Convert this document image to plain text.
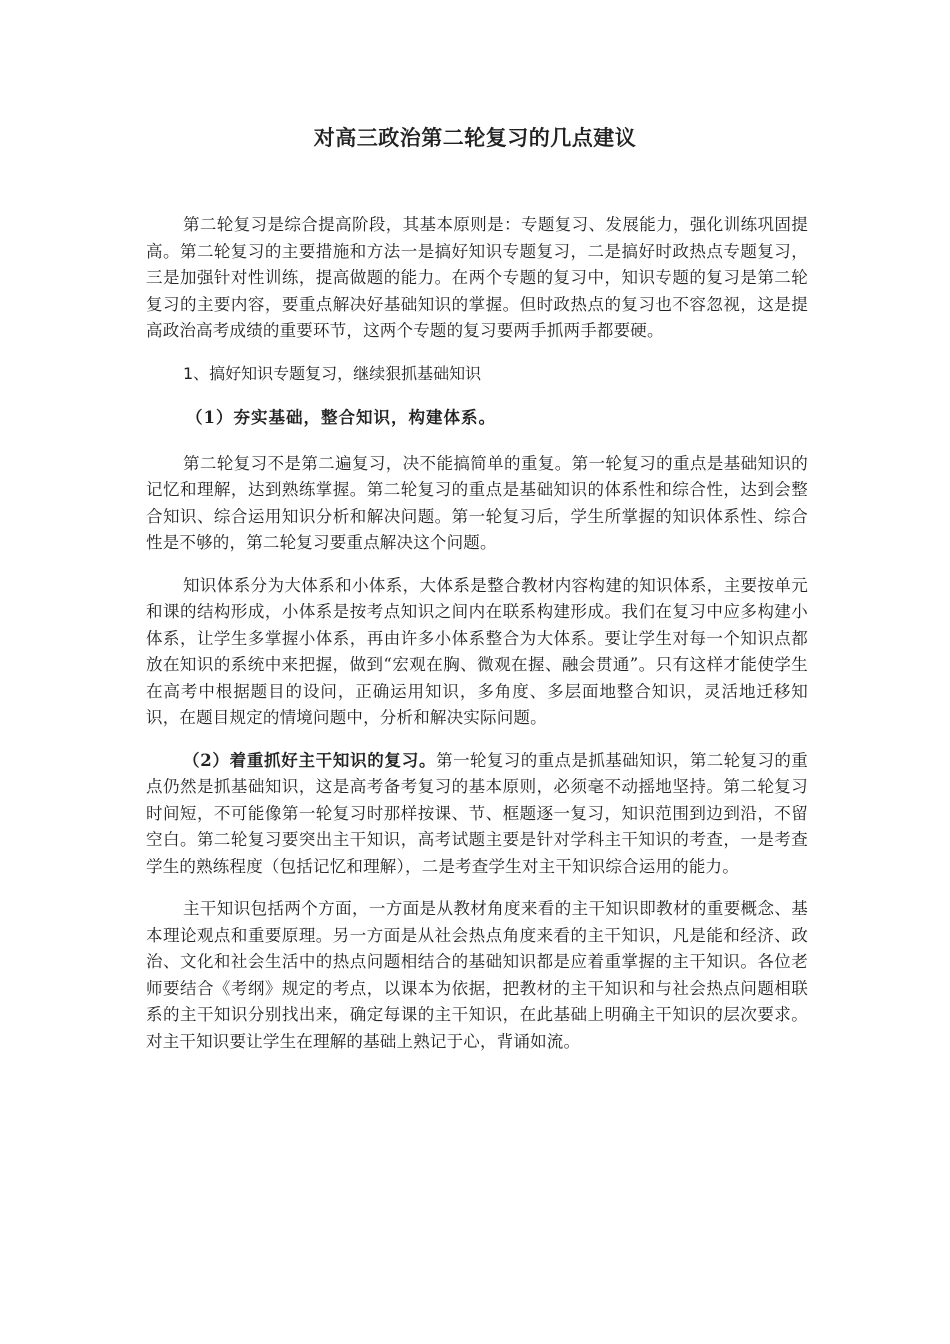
对高三政治第二轮复习的几点建议

第二轮复习是综合提高阶段，其基本原则是：专题复习、发展能力，强化训练巩固提高。第二轮复习的主要措施和方法一是搞好知识专题复习，二是搞好时政热点专题复习，三是加强针对性训练，提高做题的能力。在两个专题的复习中，知识专题的复习是第二轮复习的主要内容，要重点解决好基础知识的掌握。但时政热点的复习也不容忽视，这是提高政治高考成绩的重要环节，这两个专题的复习要两手抓两手都要硬。

1、搞好知识专题复习，继续狠抓基础知识

（1）夯实基础，整合知识，构建体系。

第二轮复习不是第二遍复习，决不能搞简单的重复。第一轮复习的重点是基础知识的记忆和理解，达到熟练掌握。第二轮复习的重点是基础知识的体系性和综合性，达到会整合知识、综合运用知识分析和解决问题。第一轮复习后，学生所掌握的知识体系性、综合性是不够的，第二轮复习要重点解决这个问题。

知识体系分为大体系和小体系，大体系是整合教材内容构建的知识体系，主要按单元和课的结构形成，小体系是按考点知识之间内在联系构建形成。我们在复习中应多构建小体系，让学生多掌握小体系，再由许多小体系整合为大体系。要让学生对每一个知识点都放在知识的系统中来把握，做到“宏观在胸、微观在握、融会贯通”。只有这样才能使学生在高考中根据题目的设问，正确运用知识，多角度、多层面地整合知识，灵活地迁移知识，在题目规定的情境问题中，分析和解决实际问题。

（2）着重抓好主干知识的复习。第一轮复习的重点是抓基础知识，第二轮复习的重点仍然是抓基础知识，这是高考备考复习的基本原则，必须毫不动摇地坚持。第二轮复习时间短，不可能像第一轮复习时那样按课、节、框题逐一复习，知识范围到边到沿，不留空白。第二轮复习要突出主干知识，高考试题主要是针对学科主干知识的考查，一是考查学生的熟练程度（包括记忆和理解），二是考查学生对主干知识综合运用的能力。

主干知识包括两个方面，一方面是从教材角度来看的主干知识即教材的重要概念、基本理论观点和重要原理。另一方面是从社会热点角度来看的主干知识，凡是能和经济、政治、文化和社会生活中的热点问题相结合的基础知识都是应着重掌握的主干知识。各位老师要结合《考纲》规定的考点，以课本为依据，把教材的主干知识和与社会热点问题相联系的主干知识分别找出来，确定每课的主干知识，在此基础上明确主干知识的层次要求。对主干知识要让学生在理解的基础上熟记于心，背诵如流。
